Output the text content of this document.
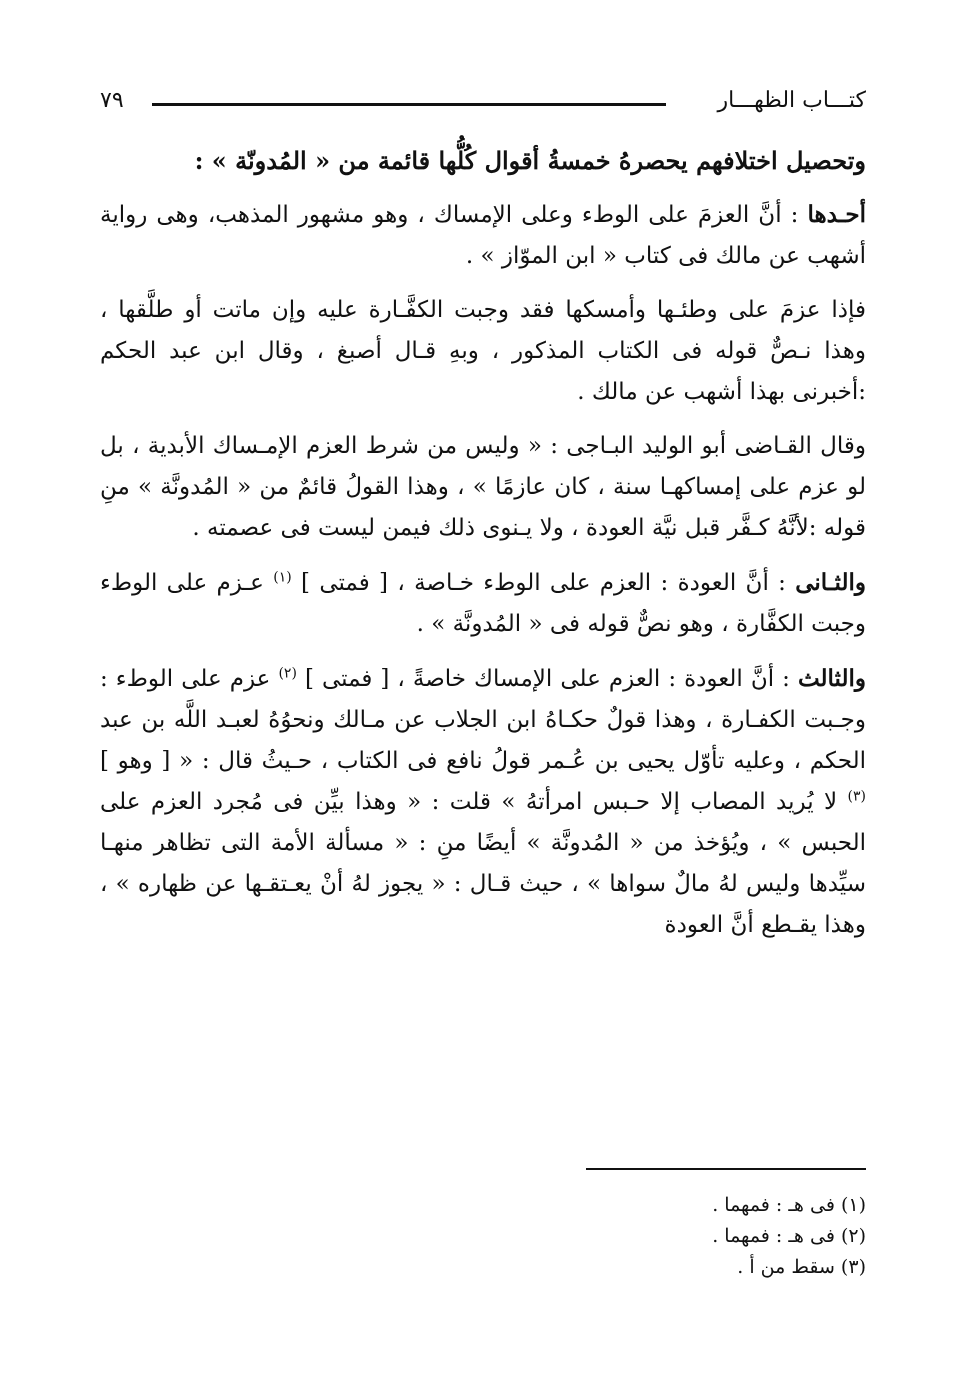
كتـــاب الظهـــار
٧٩

وتحصيل اختلافهم يحصرهُ خمسةُ أقوال كُلُّها قائمة من « المُدونّة » :

أحـدها : أنَّ العزمَ على الوطء وعلى الإمساك ، وهو مشهور المذهب، وهى رواية أشهب عن مالك فى كتاب « ابن الموّاز » .

فإذا عزمَ على وطئـها وأمسكها فقد وجبت الكفَّـارة عليه وإن ماتت أو طلَّقها ، وهذا نـصٌّ قوله فى الكتاب المذكور ، وبهِ قـال أصبغ ، وقال ابن عبد الحكم :أخبرنى بهذا أشهب عن مالك .

وقال القـاضى أبو الوليد البـاجى : « وليس من شرط العزم الإمـساك الأبدية ، بل لو عزم على إمساكهـا سنة ، كان عازمًا » ، وهذا القولُ قائمٌ من « المُدونَّة » منِ قوله :لأنَّهُ كـفَّر قبل نيَّة العودة ، ولا يـنوى ذلك فيمن ليست فى عصمته .

والثـانى : أنَّ العودة : العزم على الوطء خـاصة ، [ فمتى ] $^{(١)}$ عـزم على الوطء وجبت الكفَّارة ، وهو نصٌّ قوله فى « المُدونَّة » .

والثالث : أنَّ العودة : العزم على الإمساك خاصةً ، [ فمتى ] $^{(٢)}$ عزم على الوطء : وجـبت الكفـارة ، وهذا قولٌ حكـاهُ ابن الجلاب عن مـالك ونحوُهُ لعبـد اللَّه بن عبد الحكم ، وعليه تأوّل يحيى بن عُـمر قولُ نافع فى الكتاب ، حـيثُ قال : « [ وهو ] $^{(٣)}$ لا يُريد المصاب إلا حـبس امرأتهُ » قلت : « وهذا بيِّن فى مُجرد العزم على الحبس » ، ويُؤخذ من « المُدونَّة » أيضًا منِ : « مسألة الأمة التى تظاهر منهـا سيِّدها وليس لهُ مالٌ سواها » ، حيث قـال : « يجوز لهُ أنْ يعـتقـها عن ظهاره » ، وهذا يقـطع أنَّ العودة

(١) فى هـ : فمهما .

(٢) فى هـ : فمهما .

(٣) سقط من أ .
